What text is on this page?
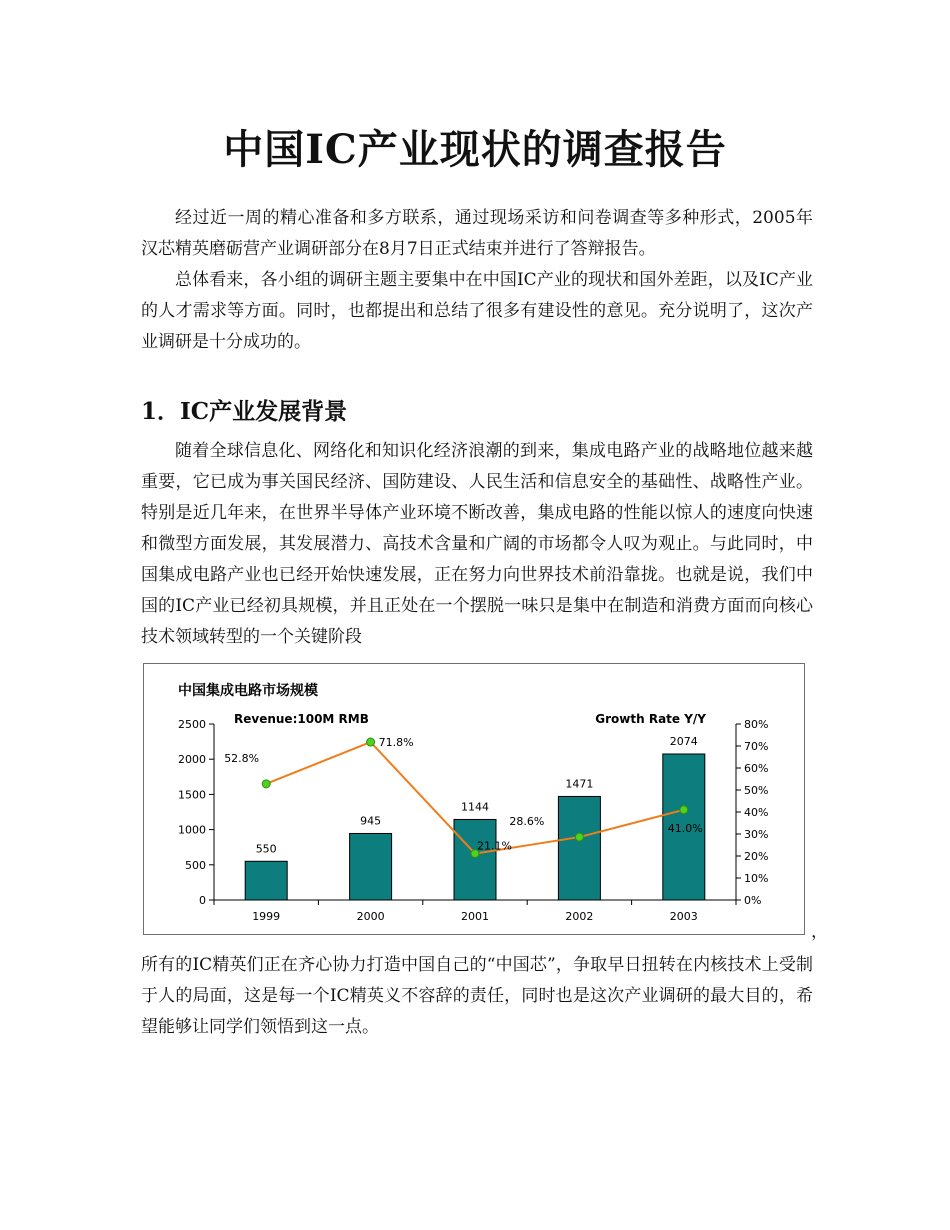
中国IC产业现状的调查报告

经过近一周的精心准备和多方联系，通过现场采访和问卷调查等多种形式，2005年汉芯精英磨砺营产业调研部分在8月7日正式结束并进行了答辩报告。

总体看来，各小组的调研主题主要集中在中国IC产业的现状和国外差距，以及IC产业的人才需求等方面。同时，也都提出和总结了很多有建设性的意见。充分说明了，这次产业调研是十分成功的。

1．IC产业发展背景

随着全球信息化、网络化和知识化经济浪潮的到来，集成电路产业的战略地位越来越重要，它已成为事关国民经济、国防建设、人民生活和信息安全的基础性、战略性产业。特别是近几年来，在世界半导体产业环境不断改善，集成电路的性能以惊人的速度向快速和微型方面发展，其发展潜力、高技术含量和广阔的市场都令人叹为观止。与此同时，中国集成电路产业也已经开始快速发展，正在努力向世界技术前沿靠拢。也就是说，我们中国的IC产业已经初具规模，并且正处在一个摆脱一味只是集中在制造和消费方面而向核心技术领域转型的一个关键阶段

中国集成电路市场规模
Revenue:100M RMB	Growth Rate Y/Y
2500
2000
1500
1000
500
0
80%
70%
60%
50%
40%
30%
20%
10%
0%
1999	2000	2001	2002	2003
550
945
1144
1471
2074
52.8%
71.8%
21.1%
28.6%
41.0%
，

所有的IC精英们正在齐心协力打造中国自己的“中国芯”，争取早日扭转在内核技术上受制于人的局面，这是每一个IC精英义不容辞的责任，同时也是这次产业调研的最大目的，希望能够让同学们领悟到这一点。
